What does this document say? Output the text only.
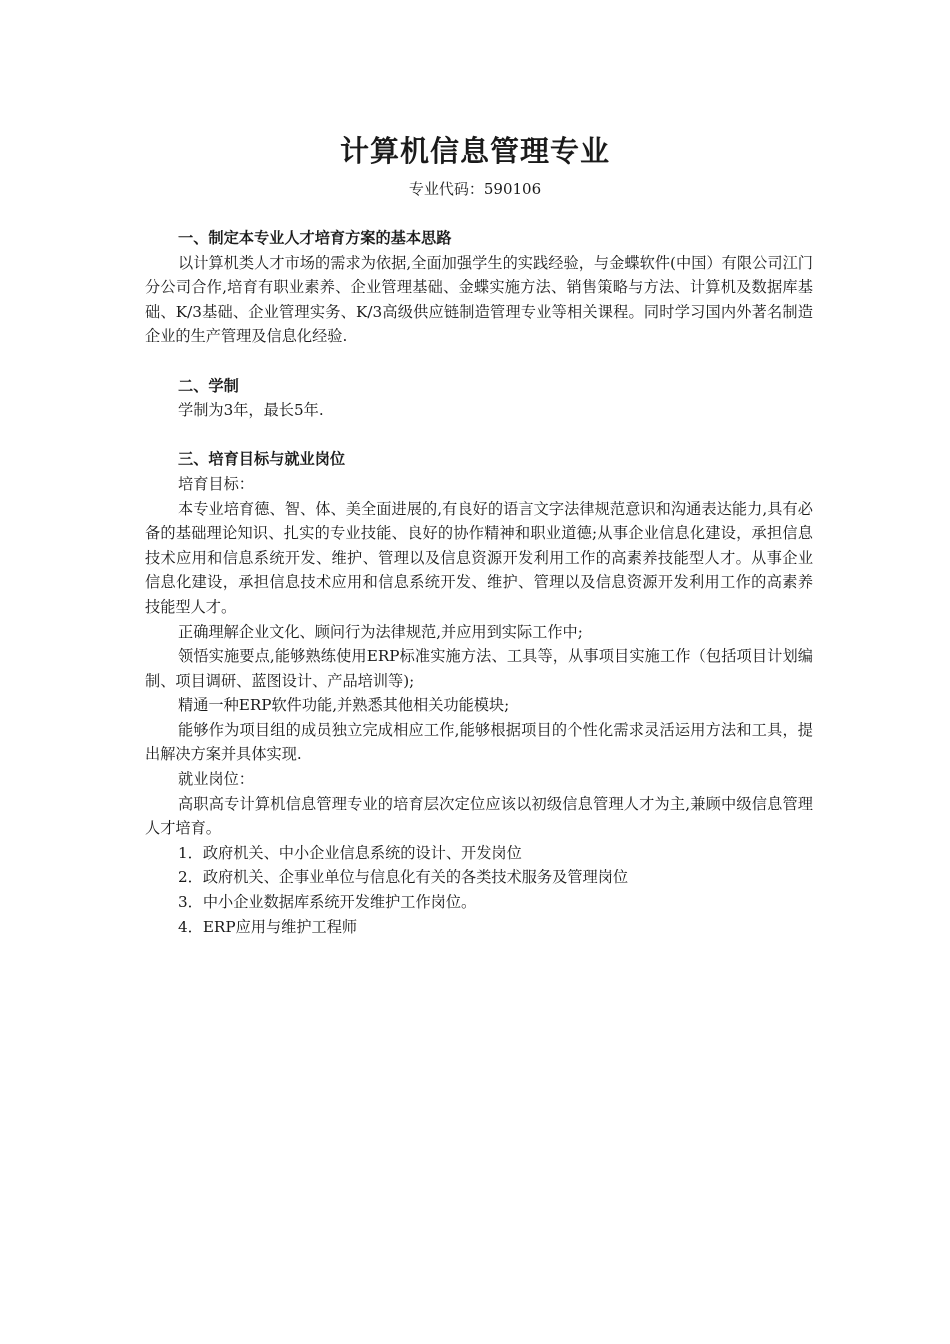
计算机信息管理专业
专业代码：590106

一、制定本专业人才培育方案的基本思路

以计算机类人才市场的需求为依据,全面加强学生的实践经验，与金蝶软件(中国）有限公司江门分公司合作,培育有职业素养、企业管理基础、金蝶实施方法、销售策略与方法、计算机及数据库基础、K/3基础、企业管理实务、K/3高级供应链制造管理专业等相关课程。同时学习国内外著名制造企业的生产管理及信息化经验.

二、学制

学制为3年，最长5年.

三、培育目标与就业岗位

培育目标：

本专业培育德、智、体、美全面进展的,有良好的语言文字法律规范意识和沟通表达能力,具有必备的基础理论知识、扎实的专业技能、良好的协作精神和职业道德;从事企业信息化建设，承担信息技术应用和信息系统开发、维护、管理以及信息资源开发利用工作的高素养技能型人才。从事企业信息化建设，承担信息技术应用和信息系统开发、维护、管理以及信息资源开发利用工作的高素养技能型人才。

正确理解企业文化、顾问行为法律规范,并应用到实际工作中;

领悟实施要点,能够熟练使用ERP标准实施方法、工具等，从事项目实施工作（包括项目计划编制、项目调研、蓝图设计、产品培训等);

精通一种ERP软件功能,并熟悉其他相关功能模块;

能够作为项目组的成员独立完成相应工作,能够根据项目的个性化需求灵活运用方法和工具，提出解决方案并具体实现.

就业岗位：

高职高专计算机信息管理专业的培育层次定位应该以初级信息管理人才为主,兼顾中级信息管理人才培育。

1．政府机关、中小企业信息系统的设计、开发岗位

2．政府机关、企事业单位与信息化有关的各类技术服务及管理岗位

3．中小企业数据库系统开发维护工作岗位。

4．ERP应用与维护工程师
